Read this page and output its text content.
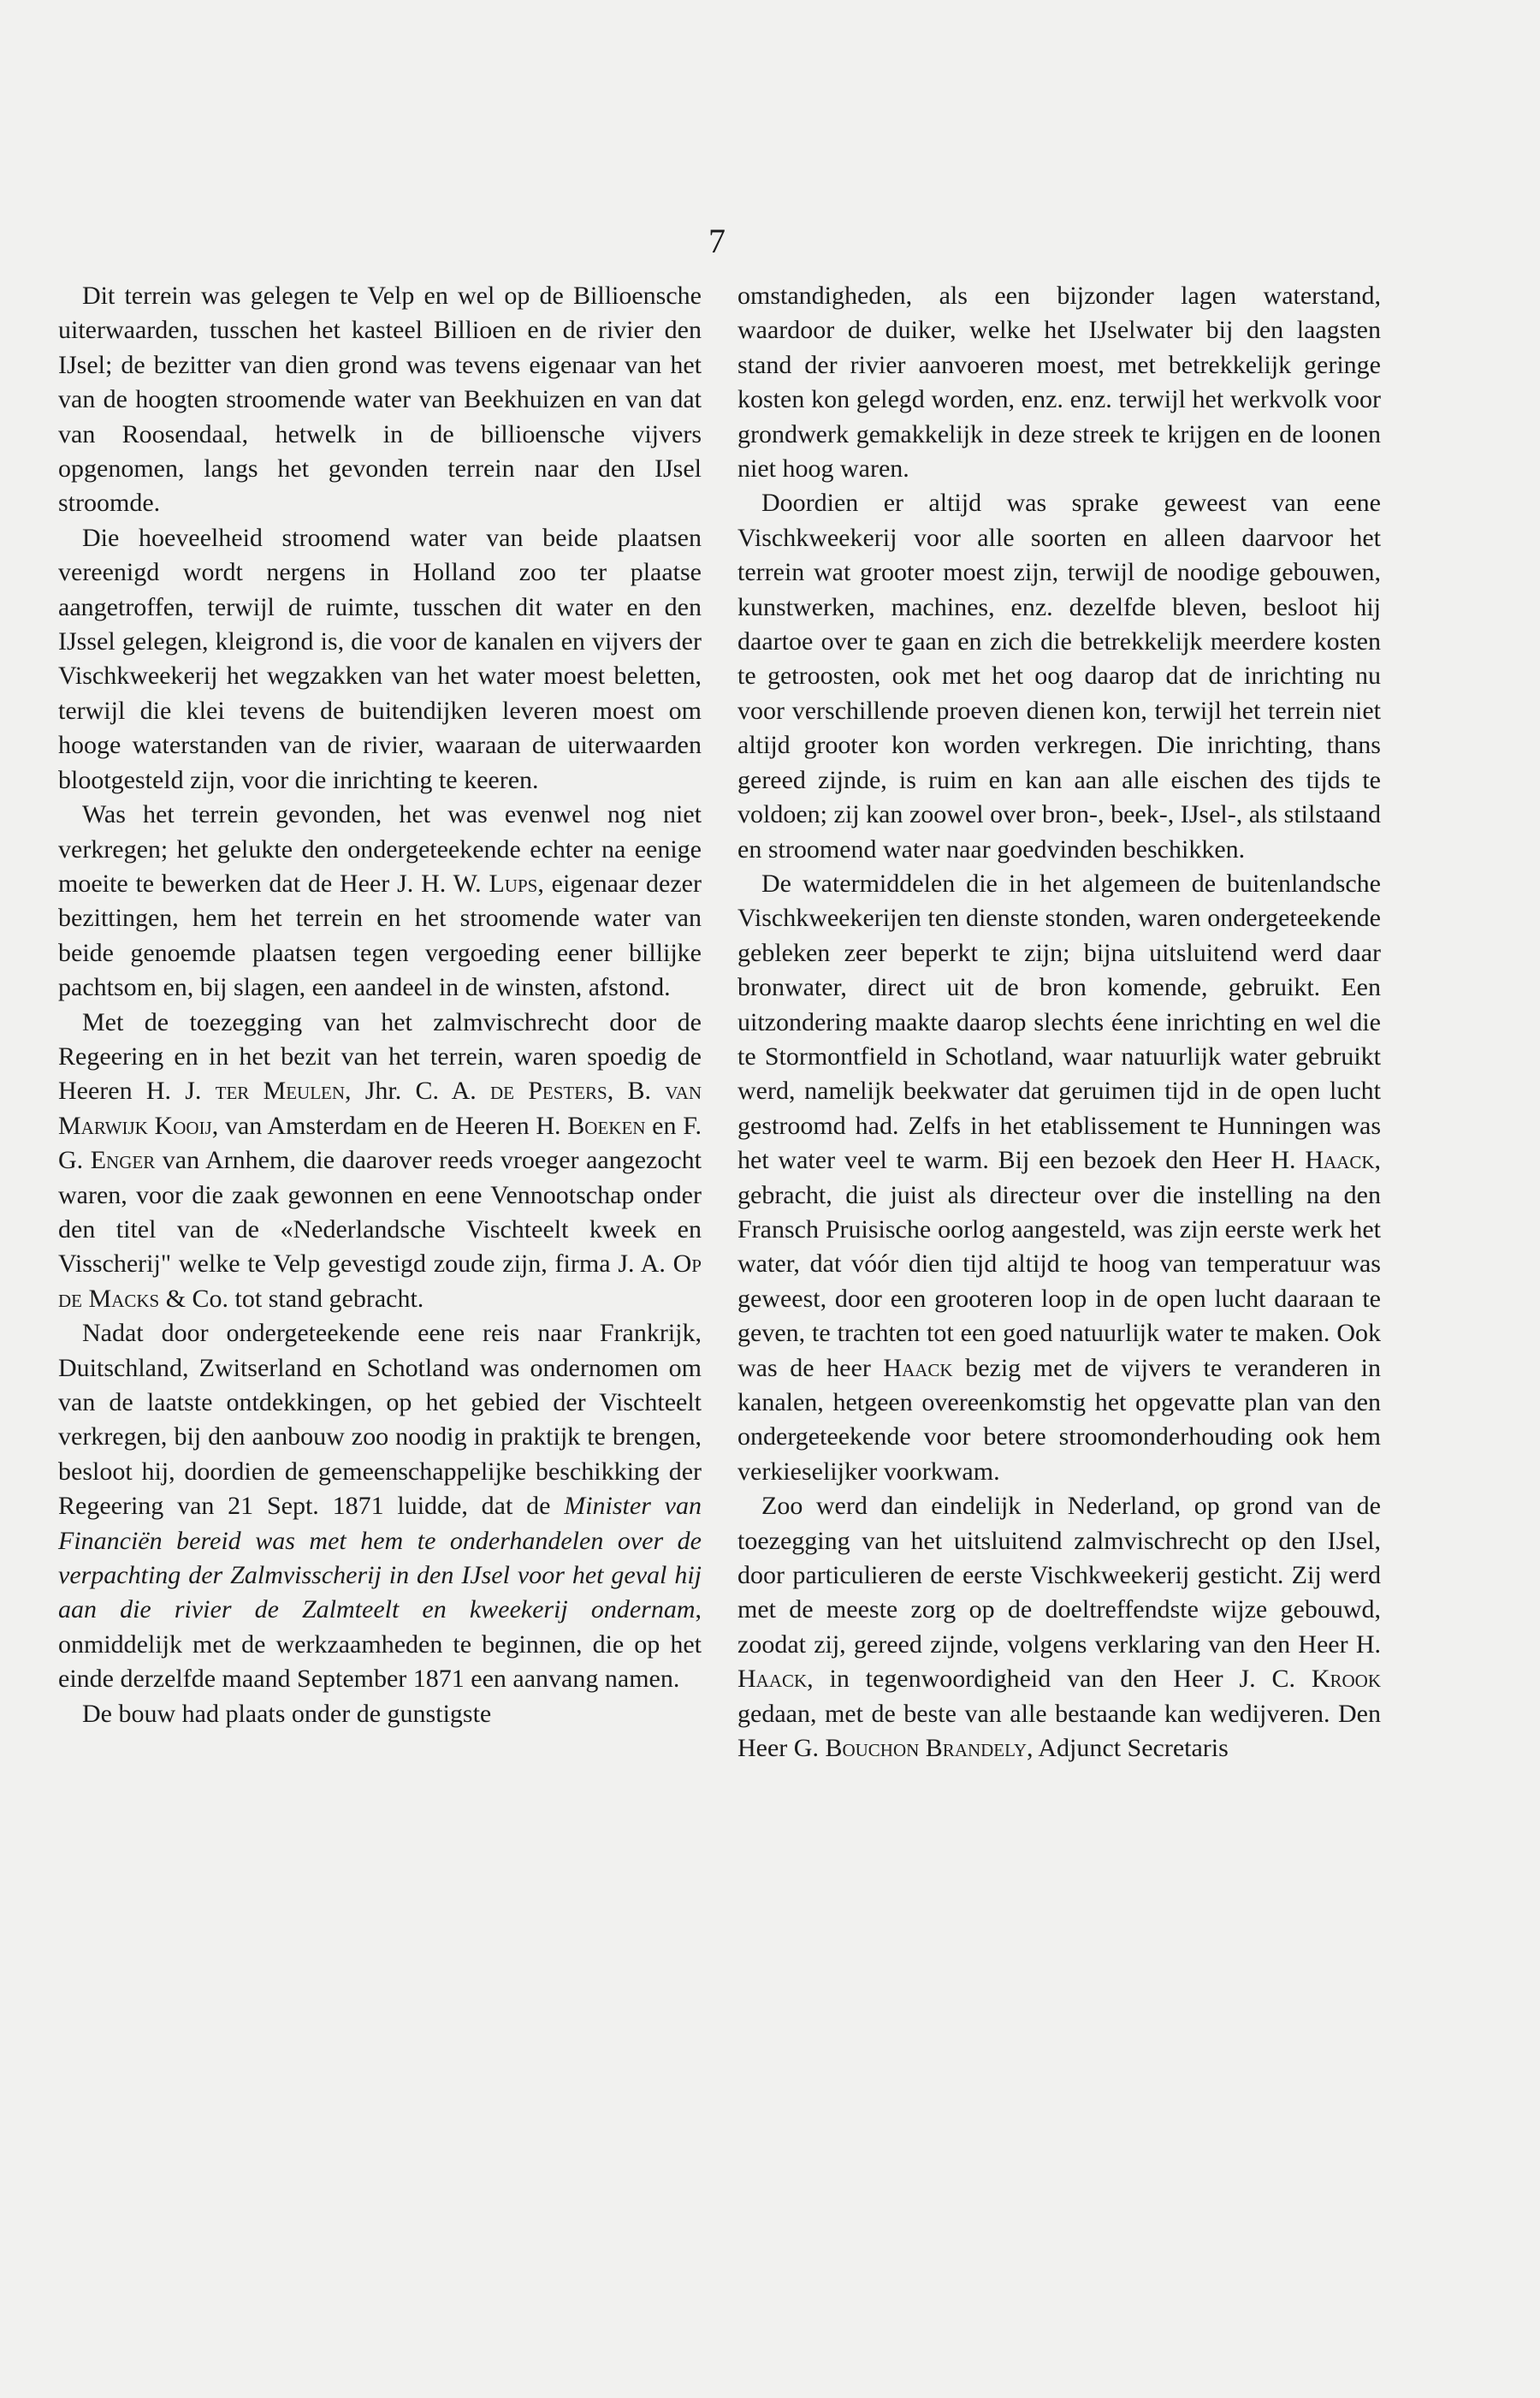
7

Dit terrein was gelegen te Velp en wel op de Billioensche uiterwaarden, tusschen het kasteel Billioen en de rivier den IJsel; de bezitter van dien grond was tevens eigenaar van het van de hoogten stroomende water van Beekhuizen en van dat van Roosendaal, hetwelk in de billioensche vijvers opgenomen, langs het gevonden terrein naar den IJsel stroomde.

Die hoeveelheid stroomend water van beide plaatsen vereenigd wordt nergens in Holland zoo ter plaatse aangetroffen, terwijl de ruimte, tusschen dit water en den IJssel gelegen, kleigrond is, die voor de kanalen en vijvers der Vischkweekerij het wegzakken van het water moest beletten, terwijl die klei tevens de buitendijken leveren moest om hooge waterstanden van de rivier, waaraan de uiterwaarden blootgesteld zijn, voor die inrichting te keeren.

Was het terrein gevonden, het was evenwel nog niet verkregen; het gelukte den ondergeteekende echter na eenige moeite te bewerken dat de Heer J. H. W. Lups, eigenaar dezer bezittingen, hem het terrein en het stroomende water van beide genoemde plaatsen tegen vergoeding eener billijke pachtsom en, bij slagen, een aandeel in de winsten, afstond.

Met de toezegging van het zalmvischrecht door de Regeering en in het bezit van het terrein, waren spoedig de Heeren H. J. ter Meulen, Jhr. C. A. de Pesters, B. van Marwijk Kooij, van Amsterdam en de Heeren H. Boeken en F. G. Enger van Arnhem, die daarover reeds vroeger aangezocht waren, voor die zaak gewonnen en eene Vennootschap onder den titel van de «Nederlandsche Vischteelt kweek en Visscherij" welke te Velp gevestigd zoude zijn, firma J. A. Op de Macks & Co. tot stand gebracht.

Nadat door ondergeteekende eene reis naar Frankrijk, Duitschland, Zwitserland en Schotland was ondernomen om van de laatste ontdekkingen, op het gebied der Vischteelt verkregen, bij den aanbouw zoo noodig in praktijk te brengen, besloot hij, doordien de gemeenschappelijke beschikking der Regeering van 21 Sept. 1871 luidde, dat de Minister van Financiën bereid was met hem te onderhandelen over de verpachting der Zalmvisscherij in den IJsel voor het geval hij aan die rivier de Zalmteelt en kweekerij ondernam, onmiddelijk met de werkzaamheden te beginnen, die op het einde derzelfde maand September 1871 een aanvang namen.

De bouw had plaats onder de gunstigste

omstandigheden, als een bijzonder lagen waterstand, waardoor de duiker, welke het IJselwater bij den laagsten stand der rivier aanvoeren moest, met betrekkelijk geringe kosten kon gelegd worden, enz. enz. terwijl het werkvolk voor grondwerk gemakkelijk in deze streek te krijgen en de loonen niet hoog waren.

Doordien er altijd was sprake geweest van eene Vischkweekerij voor alle soorten en alleen daarvoor het terrein wat grooter moest zijn, terwijl de noodige gebouwen, kunstwerken, machines, enz. dezelfde bleven, besloot hij daartoe over te gaan en zich die betrekkelijk meerdere kosten te getroosten, ook met het oog daarop dat de inrichting nu voor verschillende proeven dienen kon, terwijl het terrein niet altijd grooter kon worden verkregen. Die inrichting, thans gereed zijnde, is ruim en kan aan alle eischen des tijds te voldoen; zij kan zoowel over bron-, beek-, IJsel-, als stilstaand en stroomend water naar goedvinden beschikken.

De watermiddelen die in het algemeen de buitenlandsche Vischkweekerijen ten dienste stonden, waren ondergeteekende gebleken zeer beperkt te zijn; bijna uitsluitend werd daar bronwater, direct uit de bron komende, gebruikt. Een uitzondering maakte daarop slechts éene inrichting en wel die te Stormontfield in Schotland, waar natuurlijk water gebruikt werd, namelijk beekwater dat geruimen tijd in de open lucht gestroomd had. Zelfs in het etablissement te Hunningen was het water veel te warm. Bij een bezoek den Heer H. Haack, gebracht, die juist als directeur over die instelling na den Fransch Pruisische oorlog aangesteld, was zijn eerste werk het water, dat vóór dien tijd altijd te hoog van temperatuur was geweest, door een grooteren loop in de open lucht daaraan te geven, te trachten tot een goed natuurlijk water te maken. Ook was de heer Haack bezig met de vijvers te veranderen in kanalen, hetgeen overeenkomstig het opgevatte plan van den ondergeteekende voor betere stroomonderhouding ook hem verkieselijker voorkwam.

Zoo werd dan eindelijk in Nederland, op grond van de toezegging van het uitsluitend zalmvischrecht op den IJsel, door particulieren de eerste Vischkweekerij gesticht. Zij werd met de meeste zorg op de doeltreffendste wijze gebouwd, zoodat zij, gereed zijnde, volgens verklaring van den Heer H. Haack, in tegenwoordigheid van den Heer J. C. Krook gedaan, met de beste van alle bestaande kan wedijveren. Den Heer G. Bouchon Brandely, Adjunct Secretaris
